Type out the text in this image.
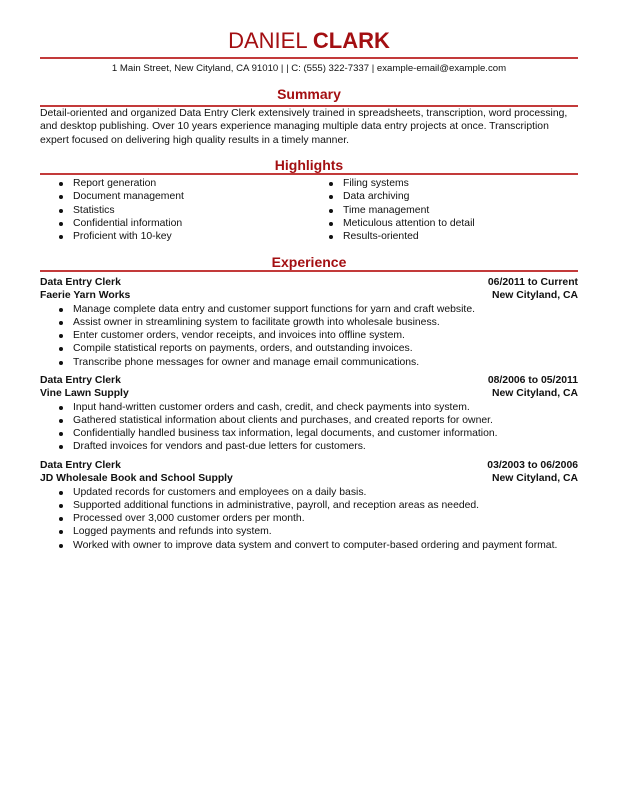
DANIEL CLARK
1 Main Street, New Cityland, CA 91010 | | C: (555) 322-7337 | example-email@example.com
Summary
Detail-oriented and organized Data Entry Clerk extensively trained in spreadsheets, transcription, word processing, and desktop publishing. Over 10 years experience managing multiple data entry projects at once. Transcription expert focused on delivering high quality results in a timely manner.
Highlights
Report generation
Document management
Statistics
Confidential information
Proficient with 10-key
Filing systems
Data archiving
Time management
Meticulous attention to detail
Results-oriented
Experience
Data Entry Clerk	06/2011 to Current
Faerie Yarn Works	New Cityland, CA
Manage complete data entry and customer support functions for yarn and craft website.
Assist owner in streamlining system to facilitate growth into wholesale business.
Enter customer orders, vendor receipts, and invoices into offline system.
Compile statistical reports on payments, orders, and outstanding invoices.
Transcribe phone messages for owner and manage email communications.
Data Entry Clerk	08/2006 to 05/2011
Vine Lawn Supply	New Cityland, CA
Input hand-written customer orders and cash, credit, and check payments into system.
Gathered statistical information about clients and purchases, and created reports for owner.
Confidentially handled business tax information, legal documents, and customer information.
Drafted invoices for vendors and past-due letters for customers.
Data Entry Clerk	03/2003 to 06/2006
JD Wholesale Book and School Supply	New Cityland, CA
Updated records for customers and employees on a daily basis.
Supported additional functions in administrative, payroll, and reception areas as needed.
Processed over 3,000 customer orders per month.
Logged payments and refunds into system.
Worked with owner to improve data system and convert to computer-based ordering and payment format.
